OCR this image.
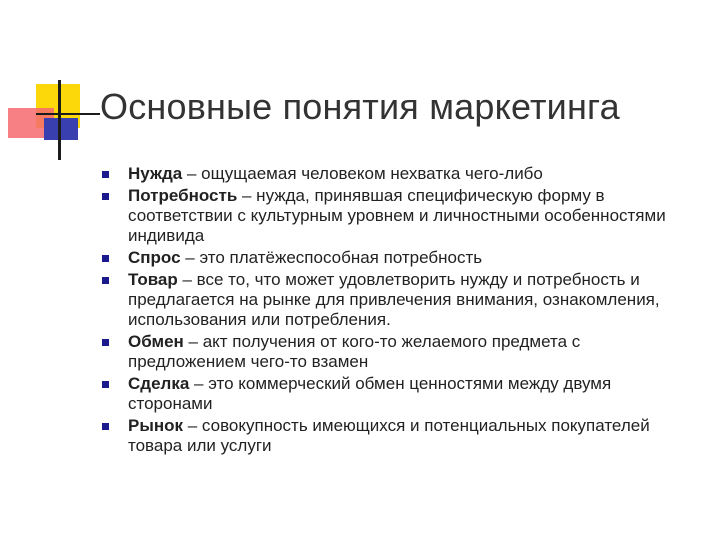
Основные понятия маркетинга
Нужда – ощущаемая человеком нехватка чего-либо
Потребность – нужда, принявшая специфическую форму в соответствии с культурным уровнем и личностными особенностями индивида
Спрос – это платёжеспособная потребность
Товар – все то, что может удовлетворить нужду и потребность и предлагается на рынке для привлечения внимания, ознакомления, использования или потребления.
Обмен – акт получения от кого-то желаемого предмета с предложением чего-то взамен
Сделка – это коммерческий обмен ценностями между двумя сторонами
Рынок – совокупность имеющихся и потенциальных покупателей товара или услуги
